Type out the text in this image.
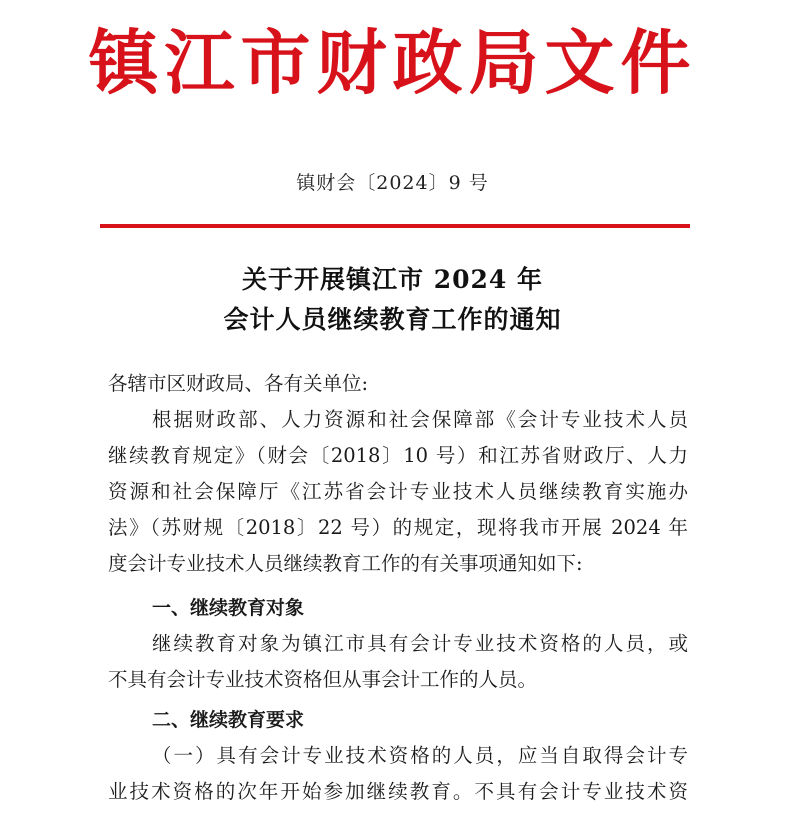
镇江市财政局文件
镇财会〔2024〕9 号
关于开展镇江市 2024 年
会计人员继续教育工作的通知
各辖市区财政局、各有关单位:
根据财政部、人力资源和社会保障部《会计专业技术人员
继续教育规定》（财会〔2018〕10 号）和江苏省财政厅、人力
资源和社会保障厅《江苏省会计专业技术人员继续教育实施办
法》（苏财规〔2018〕22 号）的规定，现将我市开展 2024 年
度会计专业技术人员继续教育工作的有关事项通知如下:
一、继续教育对象
继续教育对象为镇江市具有会计专业技术资格的人员，或
不具有会计专业技术资格但从事会计工作的人员。
二、继续教育要求
（一）具有会计专业技术资格的人员，应当自取得会计专
业技术资格的次年开始参加继续教育。不具有会计专业技术资
